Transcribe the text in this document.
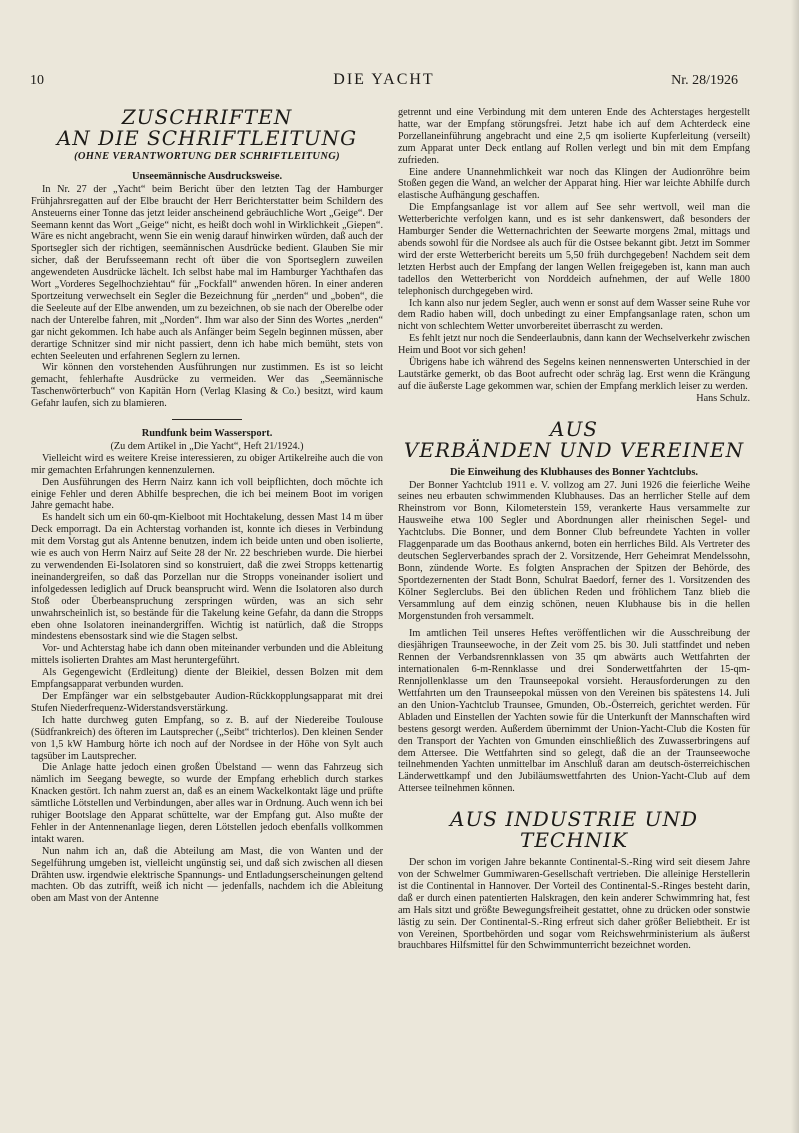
10	DIE YACHT	Nr. 28/1926
ZUSCHRIFTEN
AN DIE SCHRIFTLEITUNG
(OHNE VERANTWORTUNG DER SCHRIFTLEITUNG)
Unseemännische Ausdrucksweise.

In Nr. 27 der „Yacht“ beim Bericht über den letzten Tag der Hamburger Frühjahrsregatten auf der Elbe braucht der Herr Berichterstatter beim Schildern des Ansteuerns einer Tonne das jetzt leider anscheinend gebräuchliche Wort „Geige“. Der Seemann kennt das Wort „Geige“ nicht, es heißt doch wohl in Wirklichkeit „Giepen“. Wäre es nicht angebracht, wenn Sie ein wenig darauf hinwirken würden, daß auch der Sportsegler sich der richtigen, seemännischen Ausdrücke bedient. Glauben Sie mir sicher, daß der Berufsseemann recht oft über die von Sportseglern zuweilen angewendeten Ausdrücke lächelt. Ich selbst habe mal im Hamburger Yachthafen das Wort „Vorderes Segelhochziehtau“ für „Fockfall“ anwenden hören. In einer anderen Sportzeitung verwechselt ein Segler die Bezeichnung für „nerden“ und „boben“, die die Seeleute auf der Elbe anwenden, um zu bezeichnen, ob sie nach der Oberelbe oder nach der Unterelbe fahren, mit „Norden“. Ihm war also der Sinn des Wortes „nerden“ gar nicht gekommen. Ich habe auch als Anfänger beim Segeln beginnen müssen, aber derartige Schnitzer sind mir nicht passiert, denn ich habe mich bemüht, stets von echten Seeleuten und erfahrenen Seglern zu lernen.

Wir können den vorstehenden Ausführungen nur zustimmen. Es ist so leicht gemacht, fehlerhafte Ausdrücke zu vermeiden. Wer das „Seemännische Taschenwörterbuch“ von Kapitän Horn (Verlag Klasing & Co.) besitzt, wird kaum Gefahr laufen, sich zu blamieren.

Rundfunk beim Wassersport.
(Zu dem Artikel in „Die Yacht“, Heft 21/1924.)

Vielleicht wird es weitere Kreise interessieren, zu obiger Artikelreihe auch die von mir gemachten Erfahrungen kennenzulernen.

Den Ausführungen des Herrn Nairz kann ich voll beipflichten, doch möchte ich einige Fehler und deren Abhilfe besprechen, die ich bei meinem Boot im vorigen Jahre gemacht habe.

Es handelt sich um ein 60-qm-Kielboot mit Hochtakelung, dessen Mast 14 m über Deck emporragt. Da ein Achterstag vorhanden ist, konnte ich dieses in Verbindung mit dem Vorstag gut als Antenne benutzen, indem ich beide unten und oben isolierte, wie es auch von Herrn Nairz auf Seite 28 der Nr. 22 beschrieben wurde. Die hierbei zu verwendenden Ei-Isolatoren sind so konstruiert, daß die zwei Stropps kettenartig ineinandergreifen, so daß das Porzellan nur die Stropps voneinander isoliert und infolgedessen lediglich auf Druck beansprucht wird. Wenn die Isolatoren also durch Stoß oder Überbeanspruchung zerspringen würden, was an sich sehr unwahrscheinlich ist, so bestände für die Takelung keine Gefahr, da dann die Stropps eben ohne Isolatoren ineinandergriffen. Wichtig ist natürlich, daß die Stropps mindestens ebensostark sind wie die Stagen selbst.

Vor- und Achterstag habe ich dann oben miteinander verbunden und die Ableitung mittels isolierten Drahtes am Mast heruntergeführt.

Als Gegengewicht (Erdleitung) diente der Bleikiel, dessen Bolzen mit dem Empfangsapparat verbunden wurden.

Der Empfänger war ein selbstgebauter Audion-Rückkopplungsapparat mit drei Stufen Niederfrequenz-Widerstandsverstärkung.

Ich hatte durchweg guten Empfang, so z. B. auf der Niedereibe Toulouse (Südfrankreich) des öfteren im Lautsprecher („Seibt“ trichterlos). Den kleinen Sender von 1,5 kW Hamburg hörte ich noch auf der Nordsee in der Höhe von Sylt auch tagsüber im Lautsprecher.

Die Anlage hatte jedoch einen großen Übelstand — wenn das Fahrzeug sich nämlich im Seegang bewegte, so wurde der Empfang erheblich durch starkes Knacken gestört. Ich nahm zuerst an, daß es an einem Wackelkontakt läge und prüfte sämtliche Lötstellen und Verbindungen, aber alles war in Ordnung. Auch wenn ich bei ruhiger Bootslage den Apparat schüttelte, war der Empfang gut. Also mußte der Fehler in der Antennenanlage liegen, deren Lötstellen jedoch ebenfalls vollkommen intakt waren.

Nun nahm ich an, daß die Abteilung am Mast, die von Wanten und der Segelführung umgeben ist, vielleicht ungünstig sei, und daß sich zwischen all diesen Drähten usw. irgendwie elektrische Spannungs- und Entladungserscheinungen geltend machten. Ob das zutrifft, weiß ich nicht — jedenfalls, nachdem ich die Ableitung oben am Mast von der Antenne

getrennt und eine Verbindung mit dem unteren Ende des Achterstages hergestellt hatte, war der Empfang störungsfrei. Jetzt habe ich auf dem Achterdeck eine Porzellaneinführung angebracht und eine 2,5 qm isolierte Kupferleitung (verseilt) zum Apparat unter Deck entlang auf Rollen verlegt und bin mit dem Empfang zufrieden.

Eine andere Unannehmlichkeit war noch das Klingen der Audionröhre beim Stoßen gegen die Wand, an welcher der Apparat hing. Hier war leichte Abhilfe durch elastische Aufhängung geschaffen.

Die Empfangsanlage ist vor allem auf See sehr wertvoll, weil man die Wetterberichte verfolgen kann, und es ist sehr dankenswert, daß besonders der Hamburger Sender die Wetternachrichten der Seewarte morgens 2mal, mittags und abends sowohl für die Nordsee als auch für die Ostsee bekannt gibt. Jetzt im Sommer wird der erste Wetterbericht bereits um 5,50 früh durchgegeben! Nachdem seit dem letzten Herbst auch der Empfang der langen Wellen freigegeben ist, kann man auch tadellos den Wetterbericht von Norddeich aufnehmen, der auf Welle 1800 telephonisch durchgegeben wird.

Ich kann also nur jedem Segler, auch wenn er sonst auf dem Wasser seine Ruhe vor dem Radio haben will, doch unbedingt zu einer Empfangsanlage raten, schon um nicht von schlechtem Wetter unvorbereitet überrascht zu werden.

Es fehlt jetzt nur noch die Sendeerlaubnis, dann kann der Wechselverkehr zwischen Heim und Boot vor sich gehen!

Übrigens habe ich während des Segelns keinen nennenswerten Unterschied in der Lautstärke gemerkt, ob das Boot aufrecht oder schräg lag. Erst wenn die Krängung auf die äußerste Lage gekommen war, schien der Empfang merklich leiser zu werden.

Hans Schulz.
AUS
VERBÄNDEN UND VEREINEN
Die Einweihung des Klubhauses des Bonner Yachtclubs.

Der Bonner Yachtclub 1911 e. V. vollzog am 27. Juni 1926 die feierliche Weihe seines neu erbauten schwimmenden Klubhauses. Das an herrlicher Stelle auf dem Rheinstrom vor Bonn, Kilometerstein 159, verankerte Haus versammelte zur Hausweihe etwa 100 Segler und Abordnungen aller rheinischen Segel- und Yachtclubs. Die Bonner, und dem Bonner Club befreundete Yachten in voller Flaggenparade um das Boothaus ankernd, boten ein herrliches Bild. Als Vertreter des deutschen Seglerverbandes sprach der 2. Vorsitzende, Herr Geheimrat Mendelssohn, Bonn, zündende Worte. Es folgten Ansprachen der Spitzen der Behörde, des Sportdezernenten der Stadt Bonn, Schulrat Baedorf, ferner des 1. Vorsitzenden des Kölner Seglerclubs. Bei den üblichen Reden und fröhlichem Tanz blieb die Versammlung auf dem einzig schönen, neuen Klubhause bis in die hellen Morgenstunden froh versammelt.

Im amtlichen Teil unseres Heftes veröffentlichen wir die Ausschreibung der diesjährigen Traunseewoche, in der Zeit vom 25. bis 30. Juli stattfindet und neben Rennen der Verbandsrennklassen von 35 qm abwärts auch Wettfahrten der internationalen 6-m-Rennklasse und drei Sonderwettfahrten der 15-qm-Rennjollenklasse um den Traunseepokal vorsieht. Herausforderungen zu den Wettfahrten um den Traunseepokal müssen von den Vereinen bis spätestens 14. Juli an den Union-Yachtclub Traunsee, Gmunden, Ob.-Österreich, gerichtet werden. Für Abladen und Einstellen der Yachten sowie für die Unterkunft der Mannschaften wird bestens gesorgt werden. Außerdem übernimmt der Union-Yacht-Club die Kosten für den Transport der Yachten von Gmunden einschließlich des Zuwasserbringens auf dem Attersee. Die Wettfahrten sind so gelegt, daß die an der Traunseewoche teilnehmenden Yachten unmittelbar im Anschluß daran am deutsch-österreichischen Länderwettkampf und den Jubiläumswettfahrten des Union-Yacht-Club auf dem Attersee teilnehmen können.

AUS INDUSTRIE UND TECHNIK

Der schon im vorigen Jahre bekannte Continental-S.-Ring wird seit diesem Jahre von der Schwelmer Gummiwaren-Gesellschaft vertrieben. Die alleinige Herstellerin ist die Continental in Hannover. Der Vorteil des Continental-S.-Ringes besteht darin, daß er durch einen patentierten Halskragen, den kein anderer Schwimmring hat, fest am Hals sitzt und größte Bewegungsfreiheit gestattet, ohne zu drücken oder sonstwie lästig zu sein. Der Continental-S.-Ring erfreut sich daher größer Beliebtheit. Er ist von Vereinen, Sportbehörden und sogar vom Reichswehrministerium als äußerst brauchbares Hilfsmittel für den Schwimmunterricht bezeichnet worden.
